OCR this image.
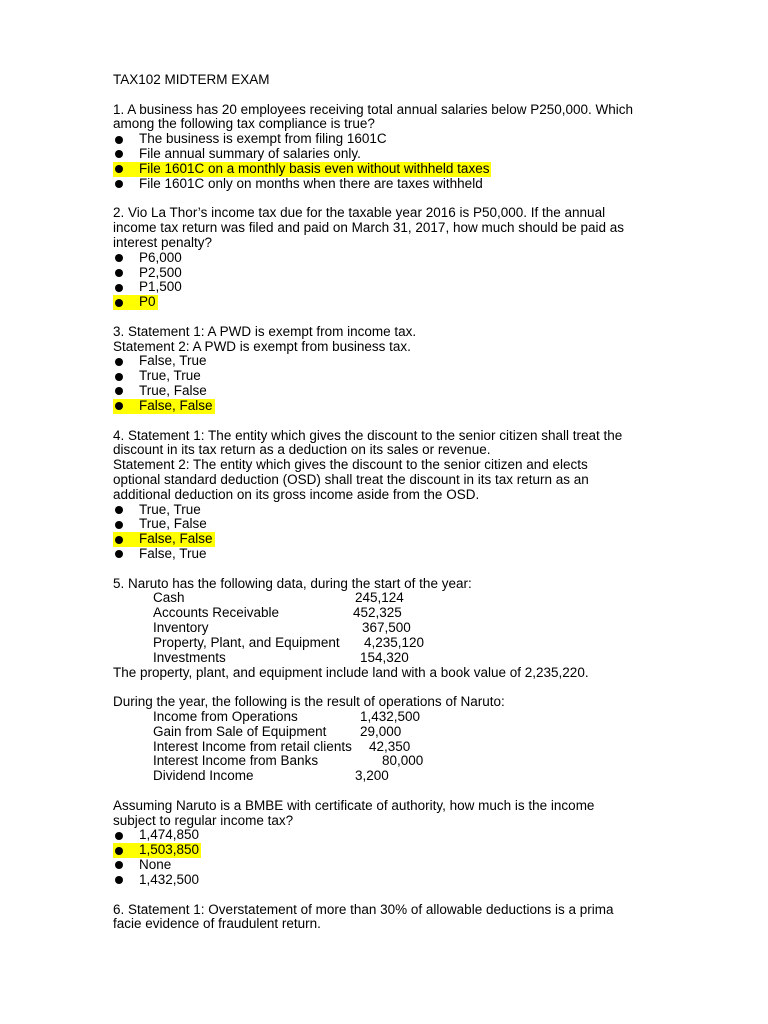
TAX102 MIDTERM EXAM
1. A business has 20 employees receiving total annual salaries below P250,000. Which
among the following tax compliance is true?
The business is exempt from filing 1601C
File annual summary of salaries only.
File 1601C on a monthly basis even without withheld taxes
File 1601C only on months when there are taxes withheld
2. Vio La Thor’s income tax due for the taxable year 2016 is P50,000. If the annual
income tax return was filed and paid on March 31, 2017, how much should be paid as
interest penalty?
P6,000
P2,500
P1,500
P0
3. Statement 1: A PWD is exempt from income tax.
Statement 2: A PWD is exempt from business tax.
False, True
True, True
True, False
False, False
4. Statement 1: The entity which gives the discount to the senior citizen shall treat the
discount in its tax return as a deduction on its sales or revenue.
Statement 2: The entity which gives the discount to the senior citizen and elects
optional standard deduction (OSD) shall treat the discount in its tax return as an
additional deduction on its gross income aside from the OSD.
True, True
True, False
False, False
False, True
5. Naruto has the following data, during the start of the year:
Cash	245,124
Accounts Receivable	452,325
Inventory	367,500
Property, Plant, and Equipment 4,235,120
Investments	154,320
The property, plant, and equipment include land with a book value of 2,235,220.
During the year, the following is the result of operations of Naruto:
Income from Operations	1,432,500
Gain from Sale of Equipment 29,000
Interest Income from retail clients 42,350
Interest Income from Banks	80,000
Dividend Income	3,200
Assuming Naruto is a BMBE with certificate of authority, how much is the income
subject to regular income tax?
1,474,850
1,503,850
None
1,432,500
6. Statement 1: Overstatement of more than 30% of allowable deductions is a prima
facie evidence of fraudulent return.
